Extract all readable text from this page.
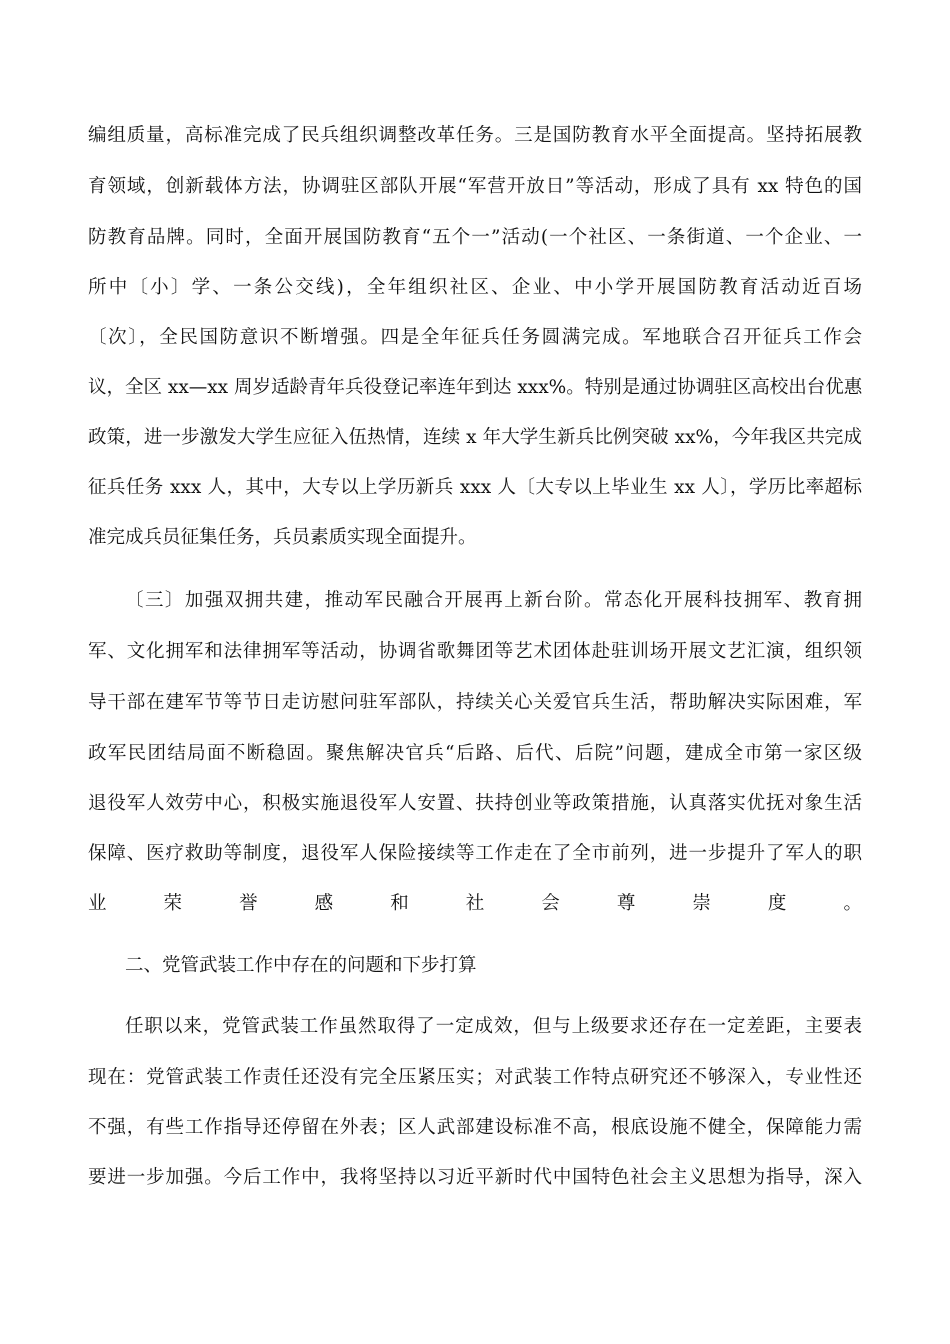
编组质量，高标准完成了民兵组织调整改革任务。三是国防教育水平全面提高。坚持拓展教
育领域，创新载体方法，协调驻区部队开展“军营开放日”等活动，形成了具有 xx 特色的国
防教育品牌。同时，全面开展国防教育“五个一”活动(一个社区、一条街道、一个企业、一
所中〔小〕学、一条公交线)，全年组织社区、企业、中小学开展国防教育活动近百场
〔次〕，全民国防意识不断增强。四是全年征兵任务圆满完成。军地联合召开征兵工作会
议，全区 xx—xx 周岁适龄青年兵役登记率连年到达 xxx%。特别是通过协调驻区高校出台优惠
政策，进一步激发大学生应征入伍热情，连续 x 年大学生新兵比例突破 xx%，今年我区共完成
征兵任务 xxx 人，其中，大专以上学历新兵 xxx 人〔大专以上毕业生 xx 人〕，学历比率超标
准完成兵员征集任务，兵员素质实现全面提升。
〔三〕加强双拥共建，推动军民融合开展再上新台阶。常态化开展科技拥军、教育拥
军、文化拥军和法律拥军等活动，协调省歌舞团等艺术团体赴驻训场开展文艺汇演，组织领
导干部在建军节等节日走访慰问驻军部队，持续关心关爱官兵生活，帮助解决实际困难，军
政军民团结局面不断稳固。聚焦解决官兵“后路、后代、后院”问题，建成全市第一家区级
退役军人效劳中心，积极实施退役军人安置、扶持创业等政策措施，认真落实优抚对象生活
保障、医疗救助等制度，退役军人保险接续等工作走在了全市前列，进一步提升了军人的职
业荣誉感和社会尊崇度。
二、党管武装工作中存在的问题和下步打算
任职以来，党管武装工作虽然取得了一定成效，但与上级要求还存在一定差距，主要表
现在：党管武装工作责任还没有完全压紧压实；对武装工作特点研究还不够深入，专业性还
不强，有些工作指导还停留在外表；区人武部建设标准不高，根底设施不健全，保障能力需
要进一步加强。今后工作中，我将坚持以习近平新时代中国特色社会主义思想为指导，深入
